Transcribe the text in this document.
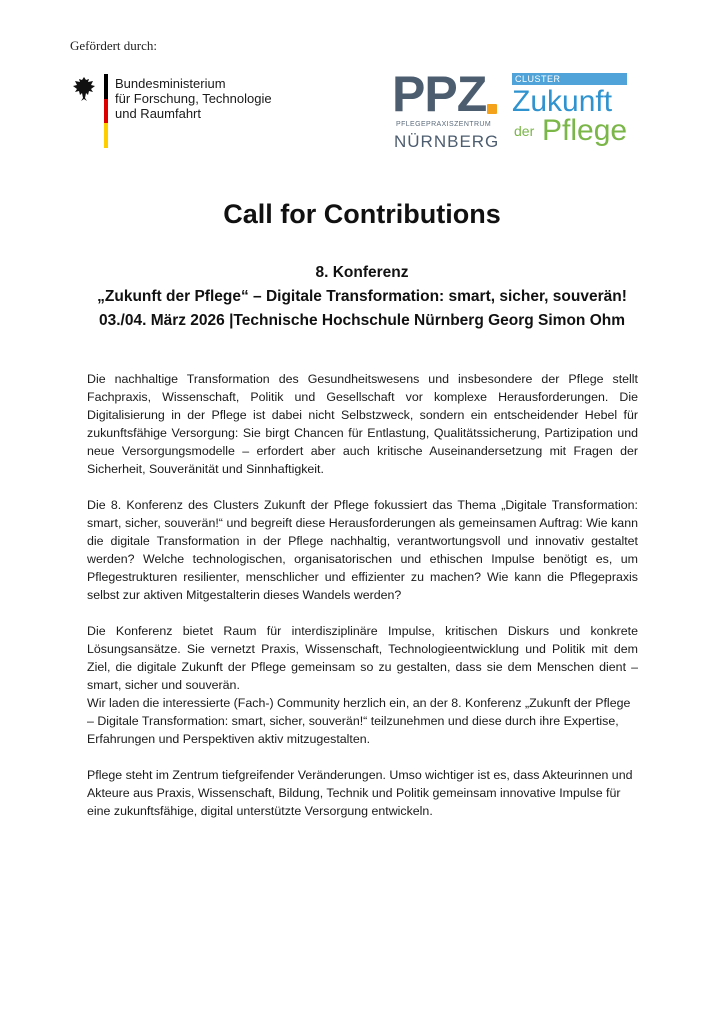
Gefördert durch:
Bundesministerium
für Forschung, Technologie
und Raumfahrt	PPZ
PFLEGEPRAXISZENTRUM
NÜRNBERG
CLUSTER
Zukunft
der Pflege
Call for Contributions
8. Konferenz
„Zukunft der Pflege“ – Digitale Transformation: smart, sicher, souverän!
03./04. März 2026 |Technische Hochschule Nürnberg Georg Simon Ohm

Die nachhaltige Transformation des Gesundheitswesens und insbesondere der Pflege stellt Fachpraxis, Wissenschaft, Politik und Gesellschaft vor komplexe Herausforderungen. Die Digitalisierung in der Pflege ist dabei nicht Selbstzweck, sondern ein entscheidender Hebel für zukunftsfähige Versorgung: Sie birgt Chancen für Entlastung, Qualitätssicherung, Partizipation und neue Versorgungsmodelle – erfordert aber auch kritische Auseinandersetzung mit Fragen der Sicherheit, Souveränität und Sinnhaftigkeit.

Die 8. Konferenz des Clusters Zukunft der Pflege fokussiert das Thema „Digitale Transformation: smart, sicher, souverän!“ und begreift diese Herausforderungen als gemeinsamen Auftrag: Wie kann die digitale Transformation in der Pflege nachhaltig, verantwortungsvoll und innovativ gestaltet werden? Welche technologischen, organisatorischen und ethischen Impulse benötigt es, um Pflegestrukturen resilienter, menschlicher und effizienter zu machen? Wie kann die Pflegepraxis selbst zur aktiven Mitgestalterin dieses Wandels werden?

Die Konferenz bietet Raum für interdisziplinäre Impulse, kritischen Diskurs und konkrete Lösungsansätze. Sie vernetzt Praxis, Wissenschaft, Technologieentwicklung und Politik mit dem Ziel, die digitale Zukunft der Pflege gemeinsam so zu gestalten, dass sie dem Menschen dient – smart, sicher und souverän.

Wir laden die interessierte (Fach-) Community herzlich ein, an der 8. Konferenz „Zukunft der Pflege – Digitale Transformation: smart, sicher, souverän!“ teilzunehmen und diese durch ihre Expertise, Erfahrungen und Perspektiven aktiv mitzugestalten.

Pflege steht im Zentrum tiefgreifender Veränderungen. Umso wichtiger ist es, dass Akteurinnen und Akteure aus Praxis, Wissenschaft, Bildung, Technik und Politik gemeinsam innovative Impulse für eine zukunftsfähige, digital unterstützte Versorgung entwickeln.
